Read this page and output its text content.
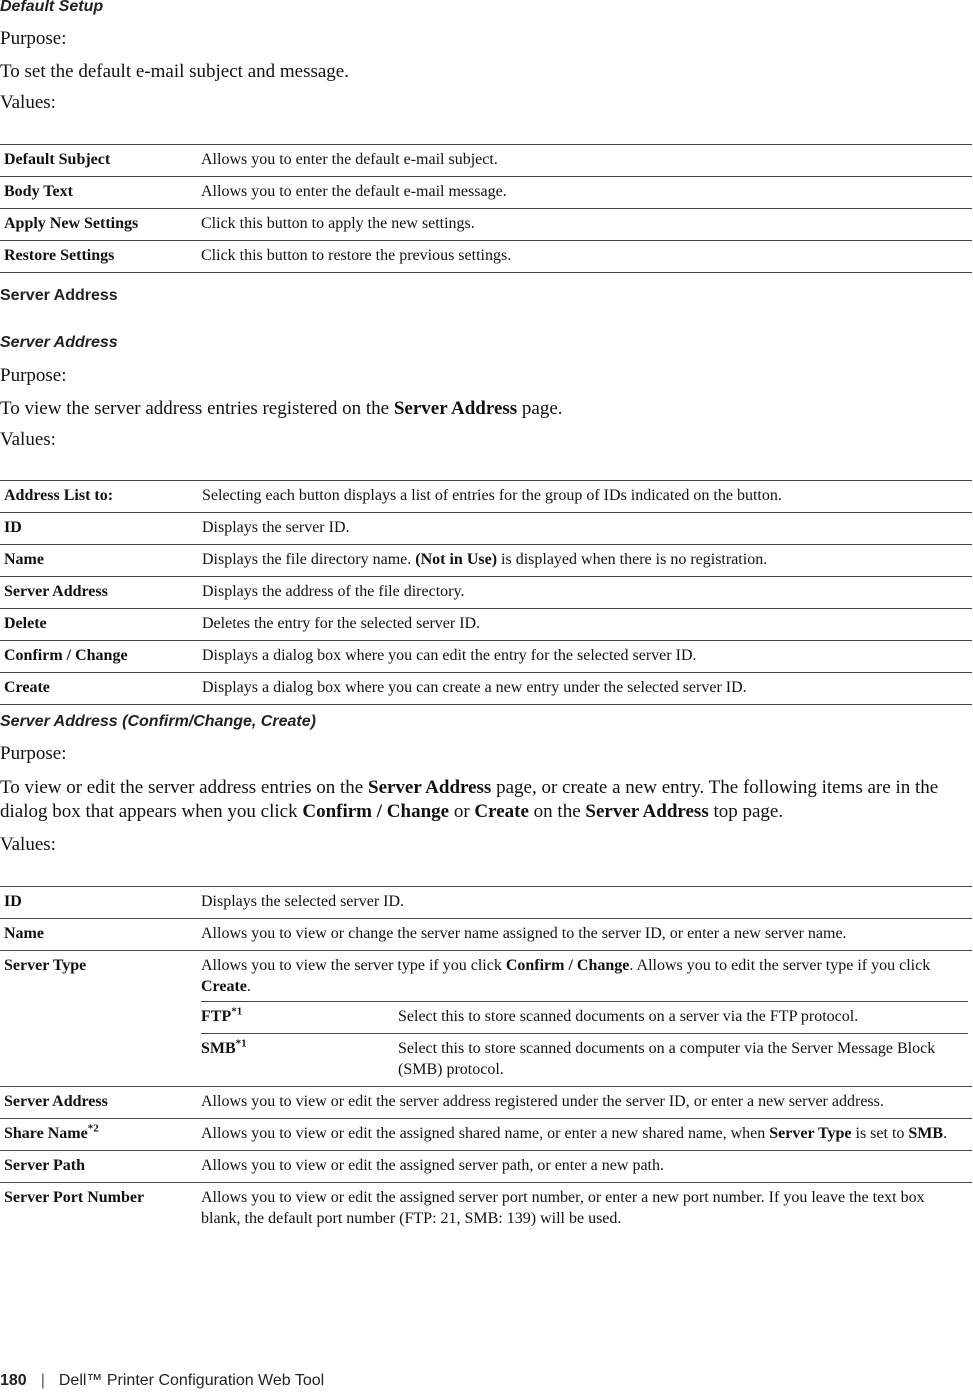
Default Setup
Purpose:
To set the default e-mail subject and message.
Values:
Default Subject	Allows you to enter the default e-mail subject.
Body Text	Allows you to enter the default e-mail message.
Apply New Settings	Click this button to apply the new settings.
Restore Settings	Click this button to restore the previous settings.
Server Address
Server Address
Purpose:
To view the server address entries registered on the Server Address page.
Values:
Address List to:	Selecting each button displays a list of entries for the group of IDs indicated on the button.
ID	Displays the server ID.
Name	Displays the file directory name. (Not in Use) is displayed when there is no registration.
Server Address	Displays the address of the file directory.
Delete	Deletes the entry for the selected server ID.
Confirm / Change	Displays a dialog box where you can edit the entry for the selected server ID.
Create	Displays a dialog box where you can create a new entry under the selected server ID.
Server Address (Confirm/Change, Create)
Purpose:
To view or edit the server address entries on the Server Address page, or create a new entry. The following items are in the dialog box that appears when you click Confirm / Change or Create on the Server Address top page.
Values:
ID	Displays the selected server ID.
Name	Allows you to view or change the server name assigned to the server ID, or enter a new server name.
Server Type	Allows you to view the server type if you click Confirm / Change. Allows you to edit the server type if you click Create.
FTP$^{*1}$	Select this to store scanned documents on a server via the FTP protocol.
SMB$^{*1}$	Select this to store scanned documents on a computer via the Server Message Block (SMB) protocol.

Server Address	Allows you to view or edit the server address registered under the server ID, or enter a new server address.
Share Name$^{*2}$	Allows you to view or edit the assigned shared name, or enter a new shared name, when Server Type is set to SMB.
Server Path	Allows you to view or edit the assigned server path, or enter a new path.
Server Port Number	Allows you to view or edit the assigned server port number, or enter a new port number. If you leave the text box blank, the default port number (FTP: 21, SMB: 139) will be used.
180 | Dell™ Printer Configuration Web Tool
